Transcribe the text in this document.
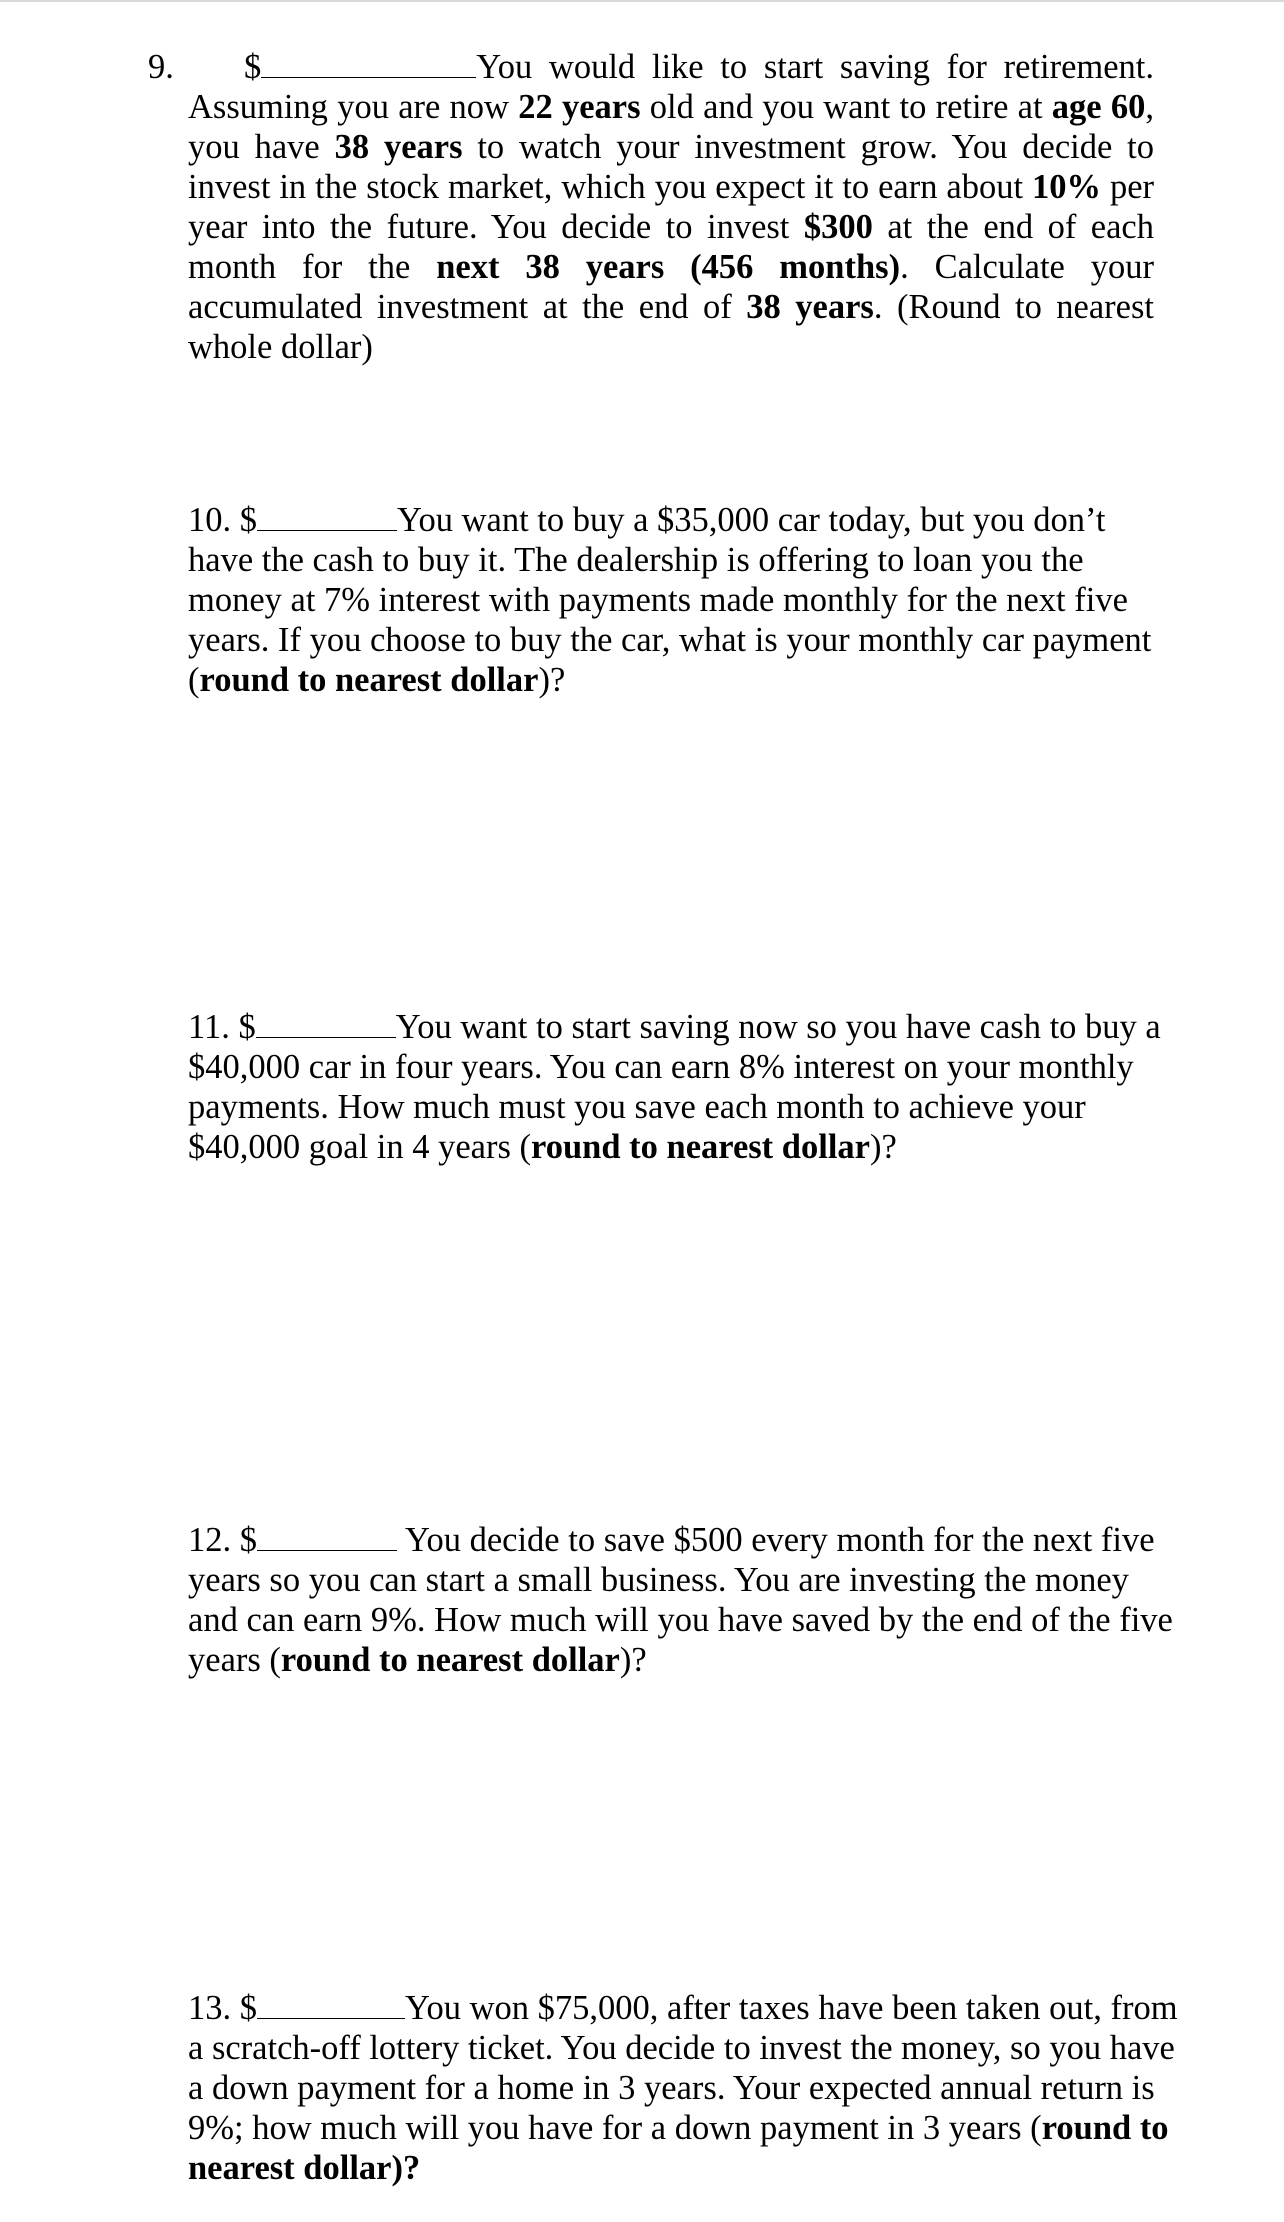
9. $	You would like to start saving for retirement. Assuming you are now 22 years old and you want to retire at age 60, you have 38 years to watch your investment grow. You decide to invest in the stock market, which you expect it to earn about 10% per year into the future. You decide to invest $300 at the end of each month for the next 38 years (456 months). Calculate your accumulated investment at the end of 38 years. (Round to nearest whole dollar)
10. $	You want to buy a $35,000 car today, but you don’t have the cash to buy it. The dealership is offering to loan you the money at 7% interest with payments made monthly for the next five years. If you choose to buy the car, what is your monthly car payment (round to nearest dollar)?
11. $	You want to start saving now so you have cash to buy a $40,000 car in four years. You can earn 8% interest on your monthly payments. How much must you save each month to achieve your $40,000 goal in 4 years (round to nearest dollar)?
12. $	You decide to save $500 every month for the next five years so you can start a small business. You are investing the money and can earn 9%. How much will you have saved by the end of the five years (round to nearest dollar)?
13. $	You won $75,000, after taxes have been taken out, from a scratch-off lottery ticket. You decide to invest the money, so you have a down payment for a home in 3 years. Your expected annual return is 9%; how much will you have for a down payment in 3 years (round to nearest dollar)?
